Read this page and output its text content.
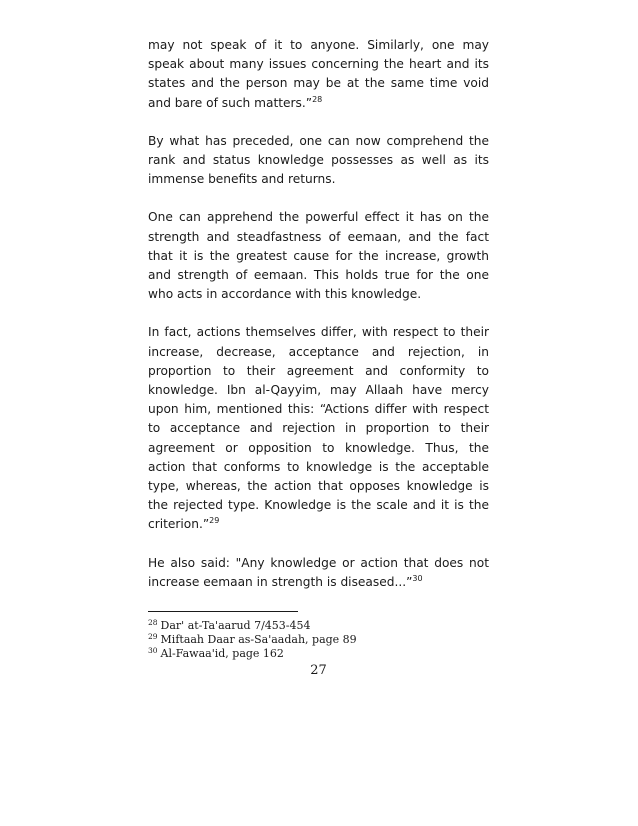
may not speak of it to anyone. Similarly, one may speak about many issues concerning the heart and its states and the person may be at the same time void and bare of such matters.”$^{28}$

By what has preceded, one can now comprehend the rank and status knowledge possesses as well as its immense benefits and returns.

One can apprehend the powerful effect it has on the strength and steadfastness of eemaan, and the fact that it is the greatest cause for the increase, growth and strength of eemaan. This holds true for the one who acts in accordance with this knowledge.

In fact, actions themselves differ, with respect to their increase, decrease, acceptance and rejection, in proportion to their agreement and conformity to knowledge. Ibn al-Qayyim, may Allaah have mercy upon him, mentioned this: “Actions differ with respect to acceptance and rejection in proportion to their agreement or opposition to knowledge. Thus, the action that conforms to knowledge is the acceptable type, whereas, the action that opposes knowledge is the rejected type. Knowledge is the scale and it is the criterion.”$^{29}$

He also said: "Any knowledge or action that does not increase eemaan in strength is diseased...”$^{30}$

$^{28}$ Dar' at-Ta'aarud 7/453-454

$^{29}$ Miftaah Daar as-Sa'aadah, page 89

$^{30}$ Al-Fawaa'id, page 162

27
